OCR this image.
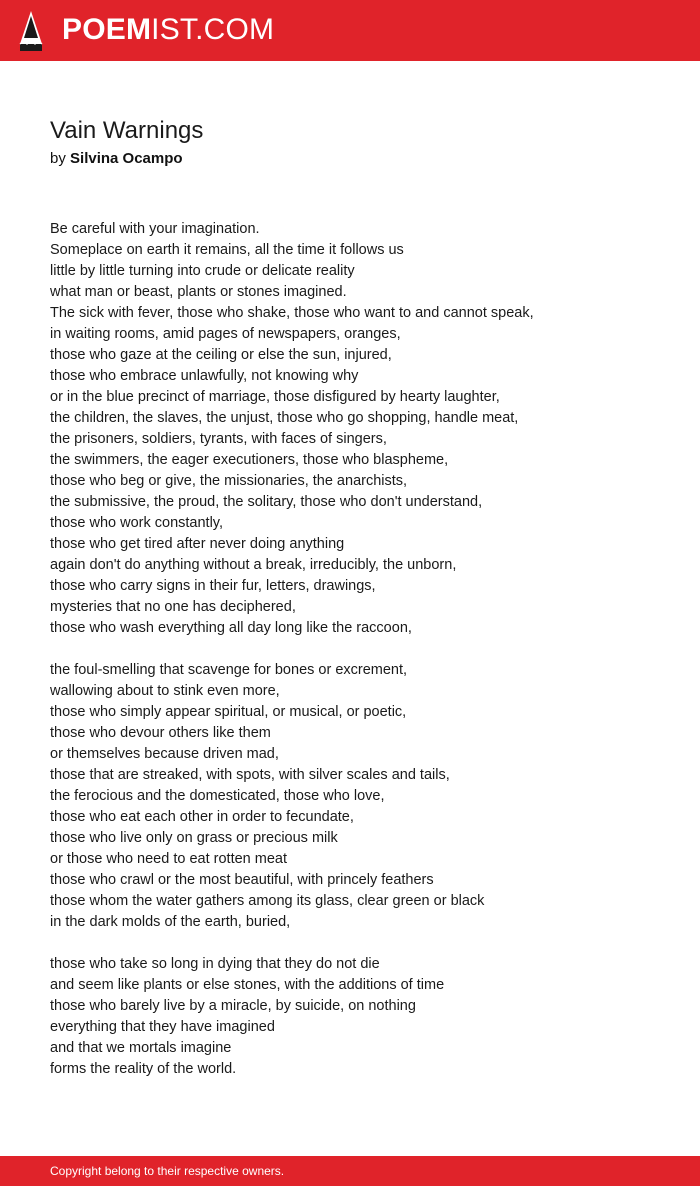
POEMIST.COM
Vain Warnings
by Silvina Ocampo
Be careful with your imagination.
Someplace on earth it remains, all the time it follows us
little by little turning into crude or delicate reality
what man or beast, plants or stones imagined.
The sick with fever, those who shake, those who want to and cannot speak,
in waiting rooms, amid pages of newspapers, oranges,
those who gaze at the ceiling or else the sun, injured,
those who embrace unlawfully, not knowing why
or in the blue precinct of marriage, those disfigured by hearty laughter,
the children, the slaves, the unjust, those who go shopping, handle meat,
the prisoners, soldiers, tyrants, with faces of singers,
the swimmers, the eager executioners, those who blaspheme,
those who beg or give, the missionaries, the anarchists,
the submissive, the proud, the solitary, those who don't understand,
those who work constantly,
those who get tired after never doing anything
again don't do anything without a break, irreducibly, the unborn,
those who carry signs in their fur, letters, drawings,
mysteries that no one has deciphered,
those who wash everything all day long like the raccoon,
the foul-smelling that scavenge for bones or excrement,
wallowing about to stink even more,
those who simply appear spiritual, or musical, or poetic,
those who devour others like them
or themselves because driven mad,
those that are streaked, with spots, with silver scales and tails,
the ferocious and the domesticated, those who love,
those who eat each other in order to fecundate,
those who live only on grass or precious milk
or those who need to eat rotten meat
those who crawl or the most beautiful, with princely feathers
those whom the water gathers among its glass, clear green or black
in the dark molds of the earth, buried,
those who take so long in dying that they do not die
and seem like plants or else stones, with the additions of time
those who barely live by a miracle, by suicide, on nothing
everything that they have imagined
and that we mortals imagine
forms the reality of the world.
Copyright belong to their respective owners.
